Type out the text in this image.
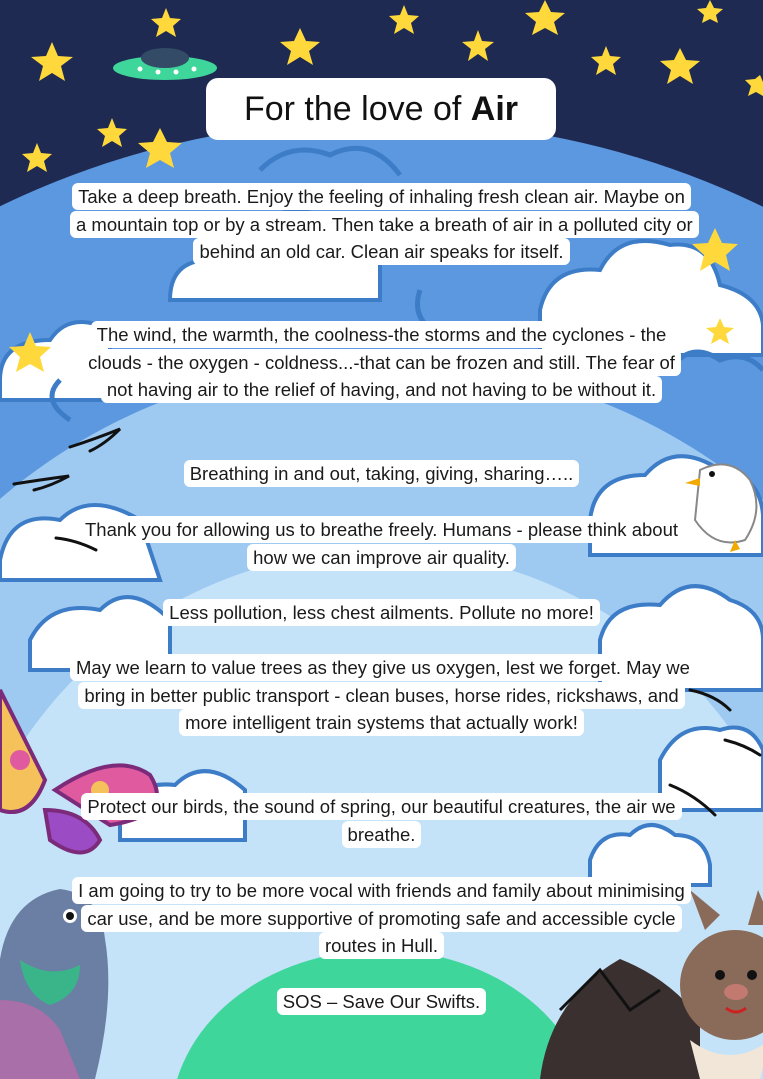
For the love of Air
Take a deep breath. Enjoy the feeling of inhaling fresh clean air. Maybe on a mountain top or by a stream. Then take a breath of air in a polluted city or behind an old car. Clean air speaks for itself.
The wind, the warmth, the coolness-the storms and the cyclones - the clouds - the oxygen - coldness...-that can be frozen and still. The fear of not having air to the relief of having, and not having to be without it.
Breathing in and out, taking, giving, sharing…..
Thank you for allowing us to breathe freely. Humans - please think about how we can improve air quality.
Less pollution, less chest ailments. Pollute no more!
May we learn to value trees as they give us oxygen, lest we forget. May we bring in better public transport - clean buses, horse rides, rickshaws, and more intelligent train systems that actually work!
Protect our birds, the sound of spring, our beautiful creatures, the air we breathe.
I am going to try to be more vocal with friends and family about minimising car use, and be more supportive of promoting safe and accessible cycle routes in Hull.
SOS – Save Our Swifts.
